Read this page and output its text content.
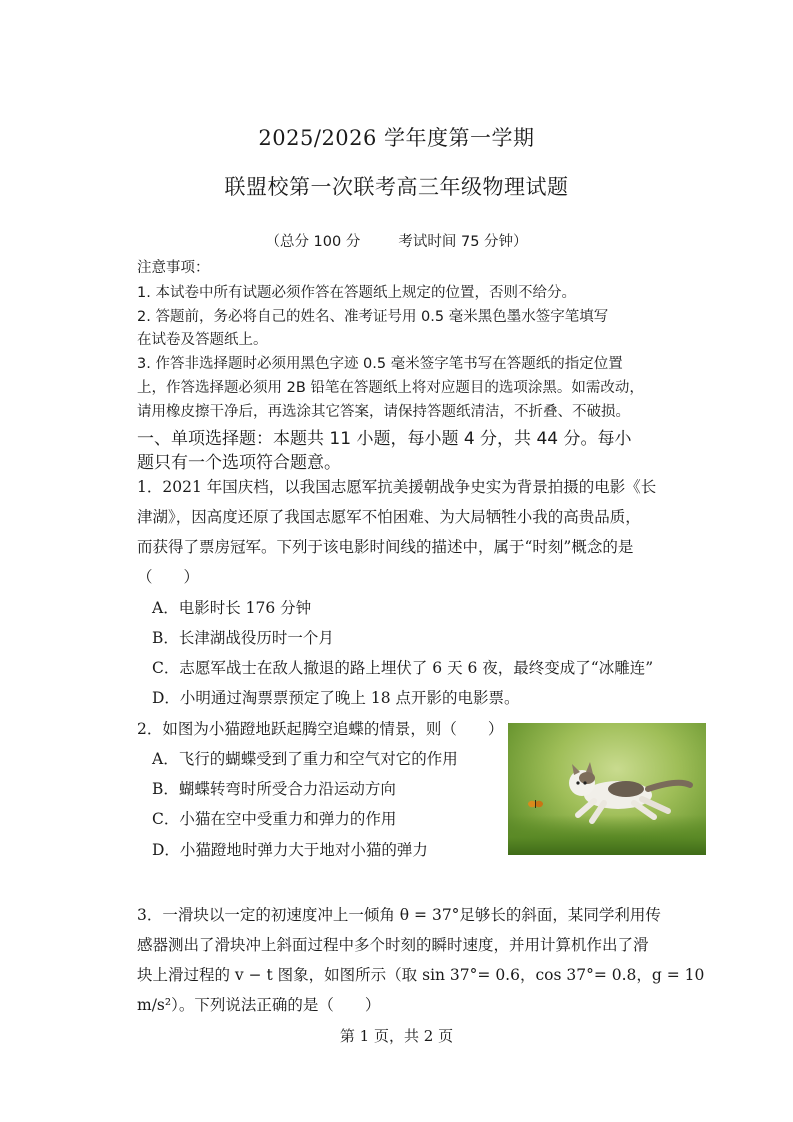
2025/2026 学年度第一学期
联盟校第一次联考高三年级物理试题
（总分 100 分	考试时间 75 分钟）
注意事项：
1. 本试卷中所有试题必须作答在答题纸上规定的位置，否则不给分。
2. 答题前，务必将自己的姓名、准考证号用 0.5 毫米黑色墨水签字笔填写
在试卷及答题纸上。
3. 作答非选择题时必须用黑色字迹 0.5 毫米签字笔书写在答题纸的指定位置
上，作答选择题必须用 2B 铅笔在答题纸上将对应题目的选项涂黑。如需改动，
请用橡皮擦干净后，再选涂其它答案，请保持答题纸清洁，不折叠、不破损。
一、单项选择题：本题共 11 小题，每小题 4 分，共 44 分。每小
题只有一个选项符合题意。
1．2021 年国庆档，以我国志愿军抗美援朝战争史实为背景拍摄的电影《长
津湖》，因高度还原了我国志愿军不怕困难、为大局牺牲小我的高贵品质，
而获得了票房冠军。下列于该电影时间线的描述中，属于“时刻”概念的是
（　　）
A．电影时长 176 分钟
B．长津湖战役历时一个月
C．志愿军战士在敌人撤退的路上埋伏了 6 天 6 夜，最终变成了“冰雕连”
D．小明通过淘票票预定了晚上 18 点开影的电影票。
2．如图为小猫蹬地跃起腾空追蝶的情景，则（　　）
A．飞行的蝴蝶受到了重力和空气对它的作用
B．蝴蝶转弯时所受合力沿运动方向
C．小猫在空中受重力和弹力的作用
D．小猫蹬地时弹力大于地对小猫的弹力
3．一滑块以一定的初速度冲上一倾角 θ = 37°足够长的斜面，某同学利用传
感器测出了滑块冲上斜面过程中多个时刻的瞬时速度，并用计算机作出了滑
块上滑过程的 v − t 图象，如图所示（取 sin 37°= 0.6，cos 37°= 0.8，g = 10
m/s²）。下列说法正确的是（　　）
第 1 页，共 2 页
